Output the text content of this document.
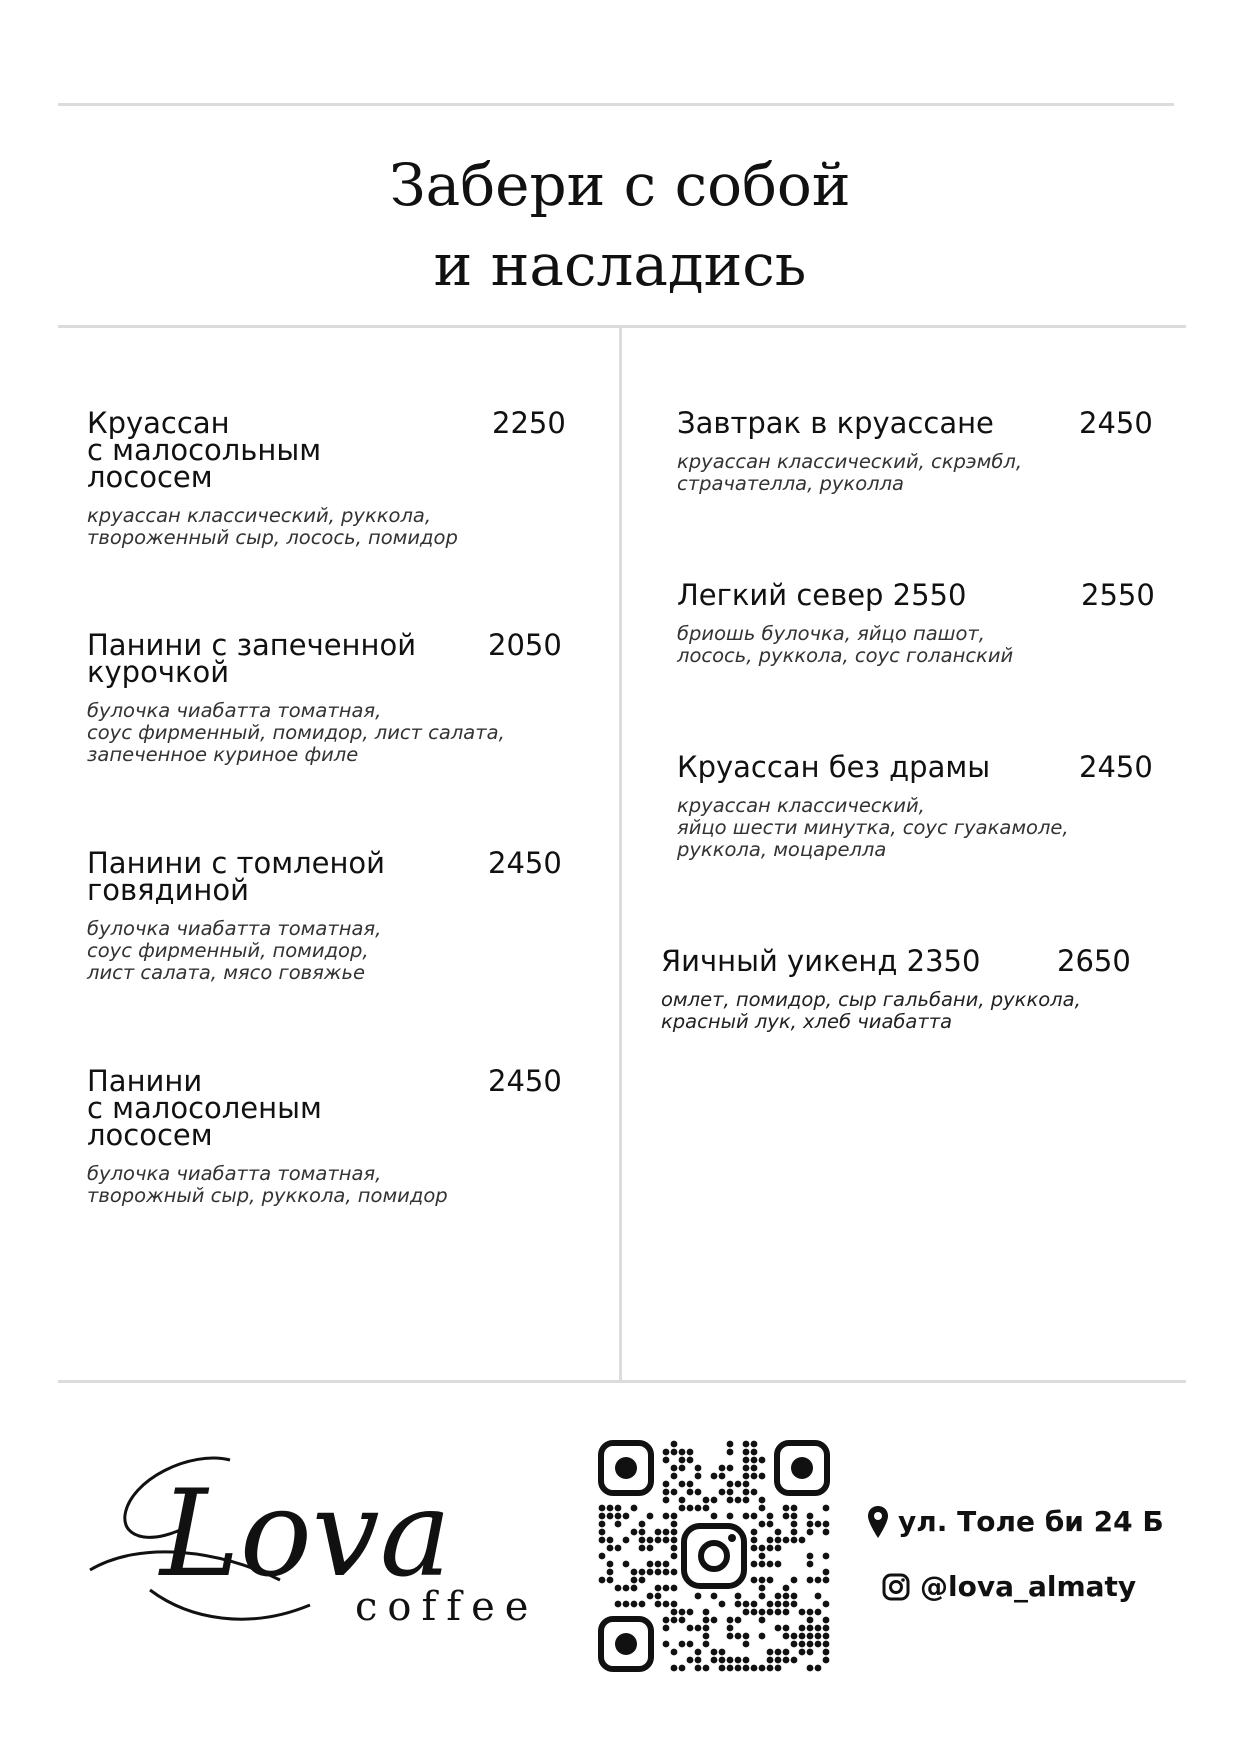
Забери с собой
и насладись
Круассан
с малосольным
лососем
2250
круассан классический, руккола,
твороженный сыр, лосось, помидор
Панини с запеченной
курочкой
2050
булочка чиабатта томатная,
соус фирменный, помидор, лист салата,
запеченное куриное филе
Панини с томленой
говядиной
2450
булочка чиабатта томатная,
соус фирменный, помидор,
лист салата, мясо говяжье
Панини
с малосоленым
лососем
2450
булочка чиабатта томатная,
творожный сыр, руккола, помидор
Завтрак в круассане	2450
круассан классический, скрэмбл,
страчателла, руколла
Легкий север 2550	2550
бриошь булочка, яйцо пашот,
лосось, руккола, соус голанский
Круассан без драмы	2450
круассан классический,
яйцо шести минутка, соус гуакамоле,
руккола, моцарелла
Яичный уикенд 2350	2650
омлет, помидор, сыр гальбани, руккола,
красный лук, хлеб чиабатта
Lova
coffee
ул. Толе би 24 Б
@lova_almaty
